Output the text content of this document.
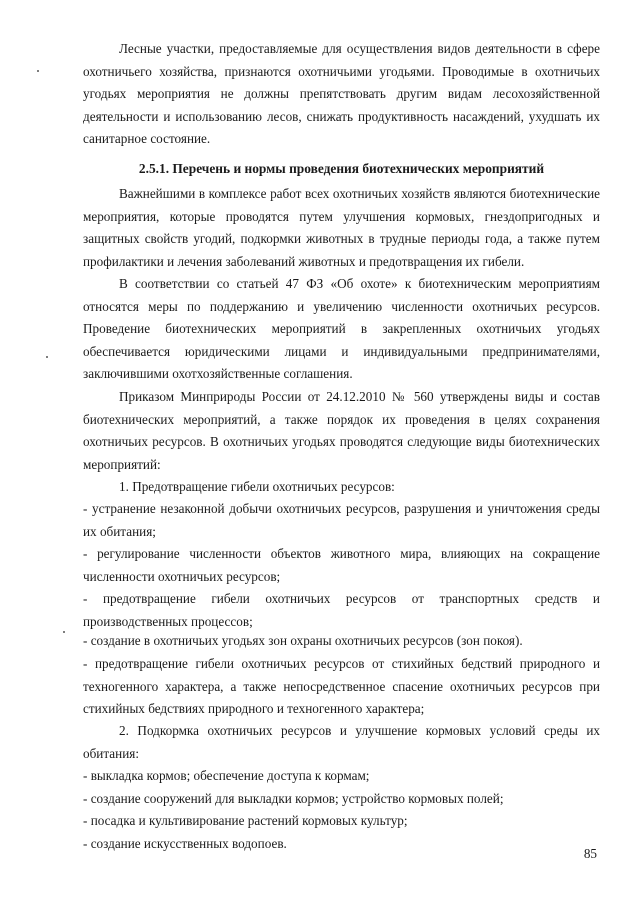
Лесные участки, предоставляемые для осуществления видов деятельности в сфере охотничьего хозяйства, признаются охотничьими угодьями. Проводимые в охотничьих угодьях мероприятия не должны препятствовать другим видам лесохозяйственной деятельности и использованию лесов, снижать продуктивность насаждений, ухудшать их санитарное состояние.

2.5.1. Перечень и нормы проведения биотехнических мероприятий

Важнейшими в комплексе работ всех охотничьих хозяйств являются биотехнические мероприятия, которые проводятся путем улучшения кормовых, гнездопригодных и защитных свойств угодий, подкормки животных в трудные периоды года, а также путем профилактики и лечения заболеваний животных и предотвращения их гибели.

В соответствии со статьей 47 ФЗ «Об охоте» к биотехническим мероприятиям относятся меры по поддержанию и увеличению численности охотничьих ресурсов. Проведение биотехнических мероприятий в закрепленных охотничьих угодьях обеспечивается юридическими лицами и индивидуальными предпринимателями, заключившими охотхозяйственные соглашения.

Приказом Минприроды России от 24.12.2010 № 560 утверждены виды и состав биотехнических мероприятий, а также порядок их проведения в целях сохранения охотничьих ресурсов. В охотничьих угодьях проводятся следующие виды биотехнических мероприятий:

1. Предотвращение гибели охотничьих ресурсов:

- устранение незаконной добычи охотничьих ресурсов, разрушения и уничтожения среды их обитания;

- регулирование численности объектов животного мира, влияющих на сокращение численности охотничьих ресурсов;

- предотвращение гибели охотничьих ресурсов от транспортных средств и производственных процессов;

- создание в охотничьих угодьях зон охраны охотничьих ресурсов (зон покоя).

- предотвращение гибели охотничьих ресурсов от стихийных бедствий природного и техногенного характера, а также непосредственное спасение охотничьих ресурсов при стихийных бедствиях природного и техногенного характера;

2. Подкормка охотничьих ресурсов и улучшение кормовых условий среды их обитания:

- выкладка кормов; обеспечение доступа к кормам;

- создание сооружений для выкладки кормов; устройство кормовых полей;

- посадка и культивирование растений кормовых культур;

- создание искусственных водопоев.

85
